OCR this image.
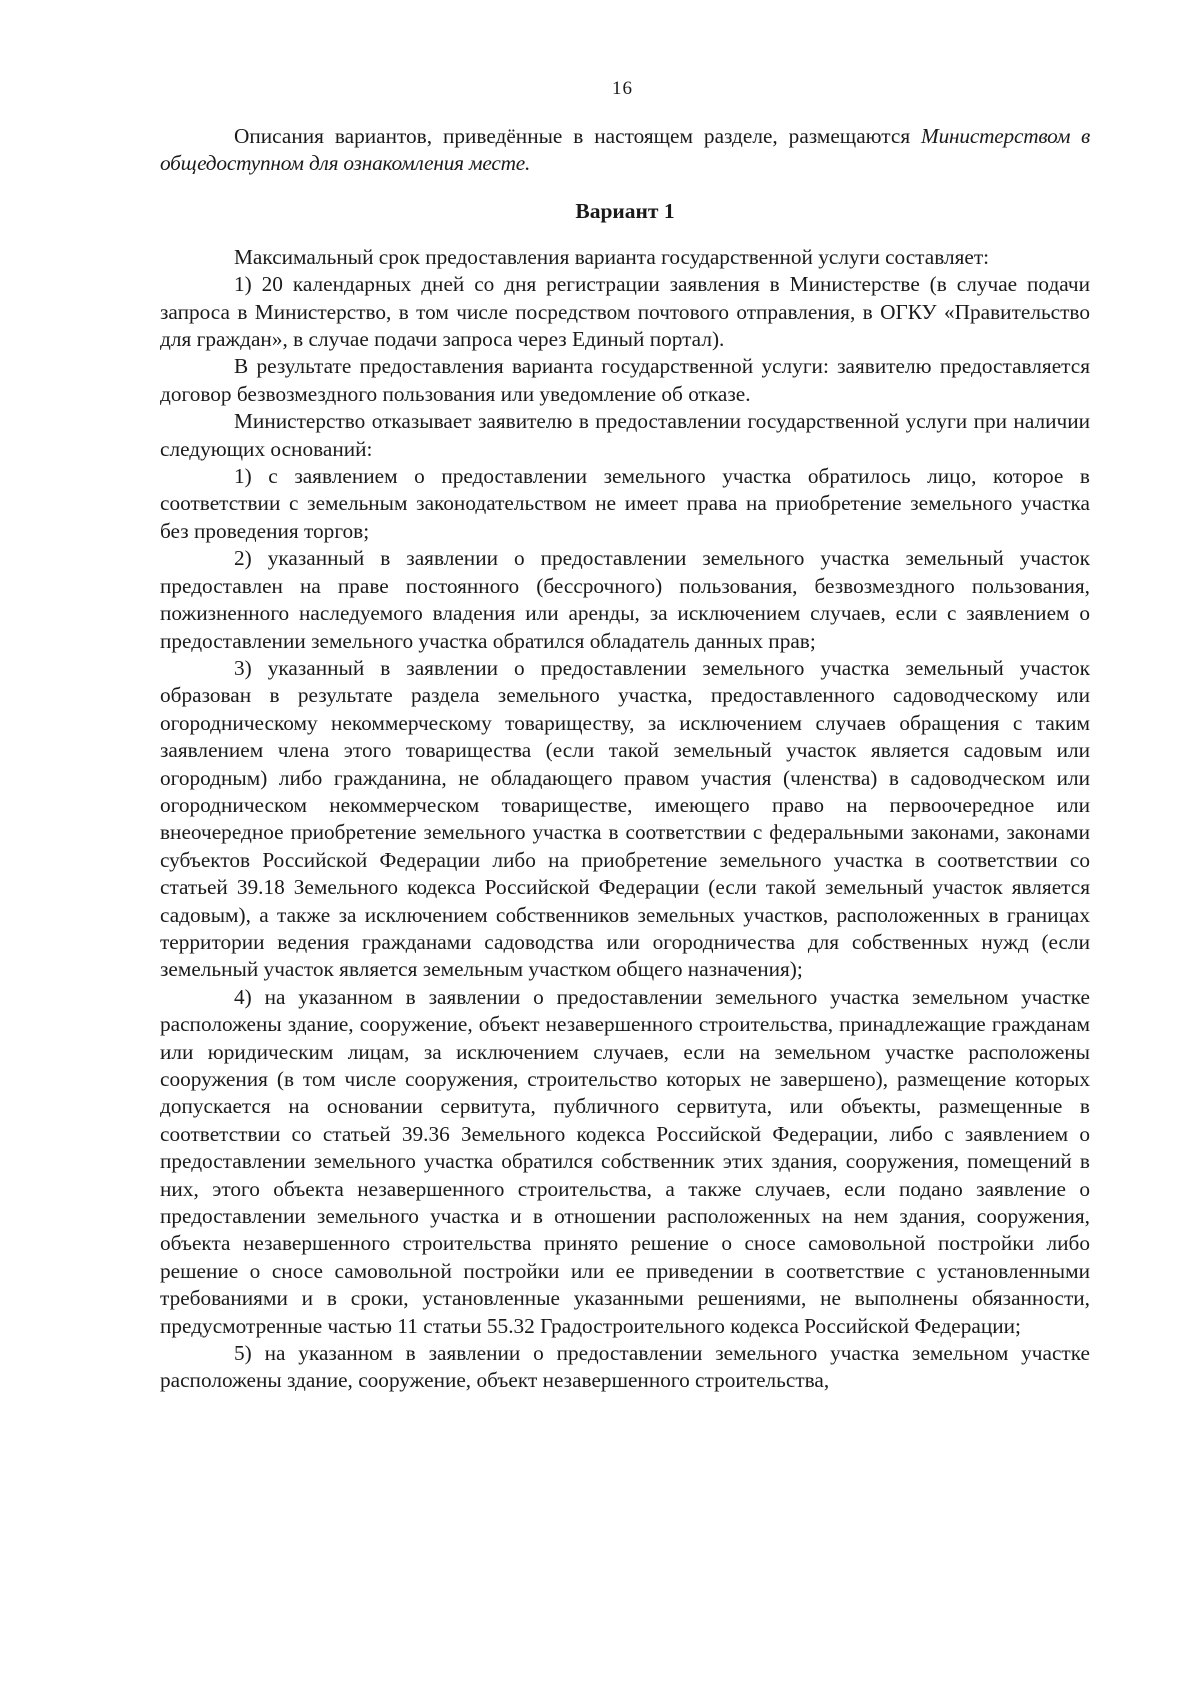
16
Описания вариантов, приведённые в настоящем разделе, размещаются Министерством в общедоступном для ознакомления месте.
Вариант 1

Максимальный срок предоставления варианта государственной услуги составляет:

1) 20 календарных дней со дня регистрации заявления в Министерстве (в случае подачи запроса в Министерство, в том числе посредством почтового отправления, в ОГКУ «Правительство для граждан», в случае подачи запроса через Единый портал).

В результате предоставления варианта государственной услуги: заявителю предоставляется договор безвозмездного пользования или уведомление об отказе.

Министерство отказывает заявителю в предоставлении государственной услуги при наличии следующих оснований:

1) с заявлением о предоставлении земельного участка обратилось лицо, которое в соответствии с земельным законодательством не имеет права на приобретение земельного участка без проведения торгов;

2) указанный в заявлении о предоставлении земельного участка земельный участок предоставлен на праве постоянного (бессрочного) пользования, безвозмездного пользования, пожизненного наследуемого владения или аренды, за исключением случаев, если с заявлением о предоставлении земельного участка обратился обладатель данных прав;

3) указанный в заявлении о предоставлении земельного участка земельный участок образован в результате раздела земельного участка, предоставленного садоводческому или огородническому некоммерческому товариществу, за исключением случаев обращения с таким заявлением члена этого товарищества (если такой земельный участок является садовым или огородным) либо гражданина, не обладающего правом участия (членства) в садоводческом или огородническом некоммерческом товариществе, имеющего право на первоочередное или внеочередное приобретение земельного участка в соответствии с федеральными законами, законами субъектов Российской Федерации либо на приобретение земельного участка в соответствии со статьей 39.18 Земельного кодекса Российской Федерации (если такой земельный участок является садовым), а также за исключением собственников земельных участков, расположенных в границах территории ведения гражданами садоводства или огородничества для собственных нужд (если земельный участок является земельным участком общего назначения);

4) на указанном в заявлении о предоставлении земельного участка земельном участке расположены здание, сооружение, объект незавершенного строительства, принадлежащие гражданам или юридическим лицам, за исключением случаев, если на земельном участке расположены сооружения (в том числе сооружения, строительство которых не завершено), размещение которых допускается на основании сервитута, публичного сервитута, или объекты, размещенные в соответствии со статьей 39.36 Земельного кодекса Российской Федерации, либо с заявлением о предоставлении земельного участка обратился собственник этих здания, сооружения, помещений в них, этого объекта незавершенного строительства, а также случаев, если подано заявление о предоставлении земельного участка и в отношении расположенных на нем здания, сооружения, объекта незавершенного строительства принято решение о сносе самовольной постройки либо решение о сносе самовольной постройки или ее приведении в соответствие с установленными требованиями и в сроки, установленные указанными решениями, не выполнены обязанности, предусмотренные частью 11 статьи 55.32 Градостроительного кодекса Российской Федерации;

5) на указанном в заявлении о предоставлении земельного участка земельном участке расположены здание, сооружение, объект незавершенного строительства,
